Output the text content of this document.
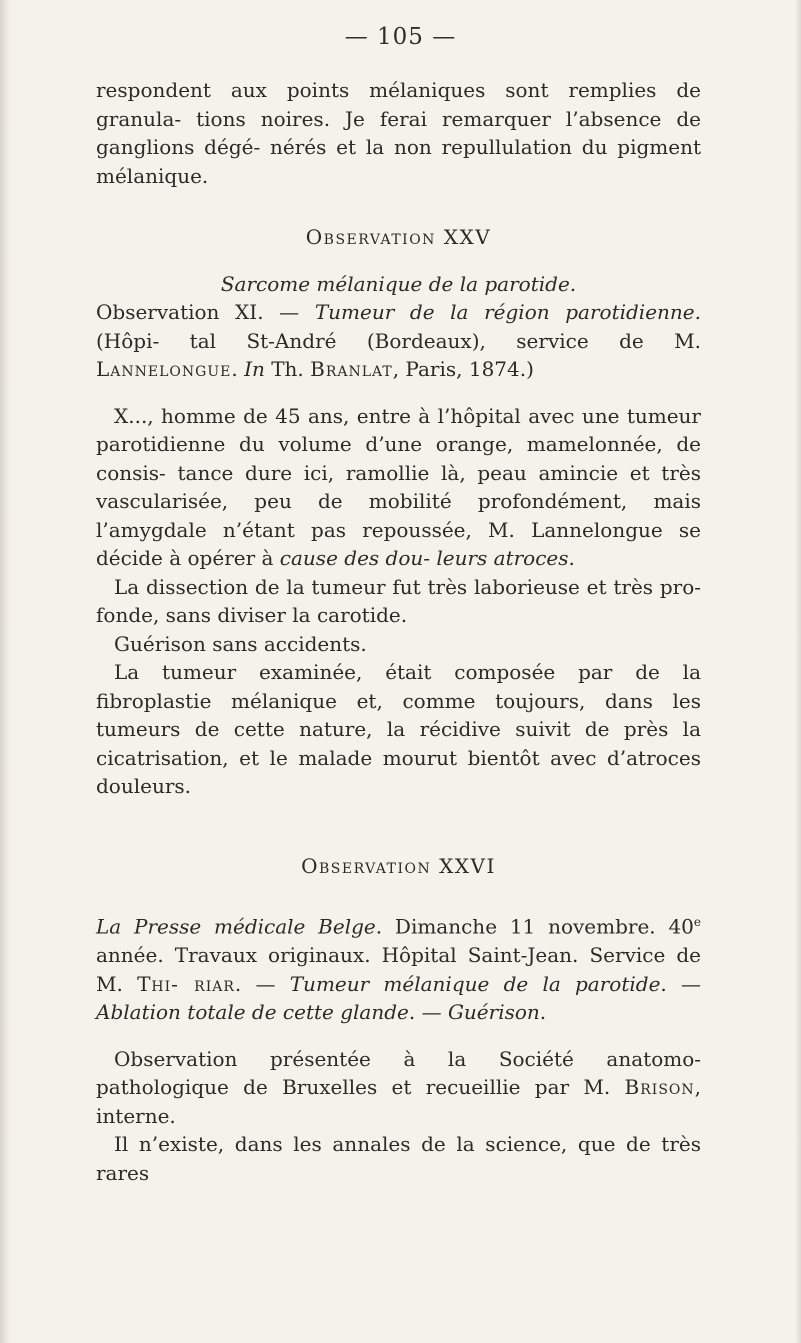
— 105 —

respondent aux points mélaniques sont remplies de granula- tions noires. Je ferai remarquer l’absence de ganglions dégé- nérés et la non repullulation du pigment mélanique.

Observation XXV

Sarcome mélanique de la parotide.

Observation XI. — Tumeur de la région parotidienne. (Hôpi- tal St-André (Bordeaux), service de M. Lannelongue. In Th. Branlat, Paris, 1874.)

X..., homme de 45 ans, entre à l’hôpital avec une tumeur parotidienne du volume d’une orange, mamelonnée, de consis- tance dure ici, ramollie là, peau amincie et très vascularisée, peu de mobilité profondément, mais l’amygdale n’étant pas repoussée, M. Lannelongue se décide à opérer à cause des dou- leurs atroces.

La dissection de la tumeur fut très laborieuse et très pro- fonde, sans diviser la carotide.

Guérison sans accidents.

La tumeur examinée, était composée par de la fibroplastie mélanique et, comme toujours, dans les tumeurs de cette nature, la récidive suivit de près la cicatrisation, et le malade mourut bientôt avec d’atroces douleurs.

Observation XXVI

La Presse médicale Belge. Dimanche 11 novembre. 40e année. Travaux originaux. Hôpital Saint-Jean. Service de M. Thi- riar. — Tumeur mélanique de la parotide. — Ablation totale de cette glande. — Guérison.

Observation présentée à la Société anatomo-pathologique de Bruxelles et recueillie par M. Brison, interne.

Il n’existe, dans les annales de la science, que de très rares
